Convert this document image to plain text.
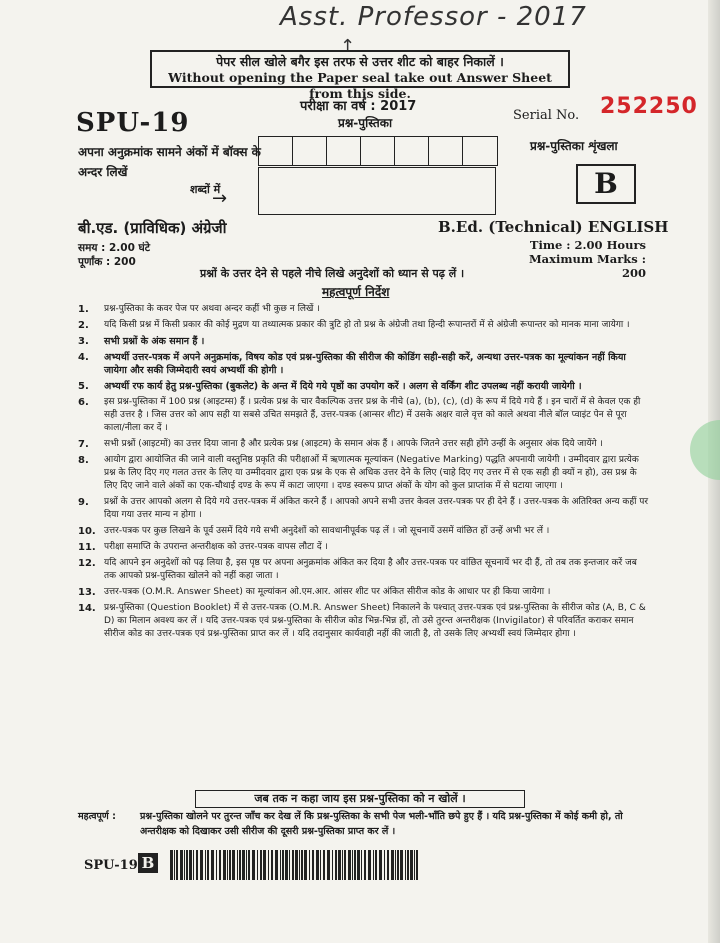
Asst. Professor - 2017
↑
पेपर सील खोले बगैर इस तरफ से उत्तर शीट को बाहर निकालें ।
Without opening the Paper seal take out Answer Sheet from this side.
SPU-19
परीक्षा का वर्ष : 2017
प्रश्न-पुस्तिका	Serial No. 252250
अपना अनुक्रमांक सामने अंकों में बॉक्स के अन्दर लिखें
शब्दों में
→
प्रश्न-पुस्तिका शृंखला
B
बी.एड. (प्राविधिक) अंग्रेजी	B.Ed. (Technical) ENGLISH
समय : 2.00 घंटे
पूर्णांक : 200
Time : 2.00 Hours
Maximum Marks : 200
प्रश्नों के उत्तर देने से पहले नीचे लिखे अनुदेशों को ध्यान से पढ़ लें ।
महत्वपूर्ण निर्देश
1.	प्रश्न-पुस्तिका के कवर पेज पर अथवा अन्दर कहीं भी कुछ न लिखें ।
2.	यदि किसी प्रश्न में किसी प्रकार की कोई मुद्रण या तथ्यात्मक प्रकार की त्रुटि हो तो प्रश्न के अंग्रेजी तथा हिन्दी रूपान्तरों में से अंग्रेजी रूपान्तर को मानक माना जायेगा ।
3.	सभी प्रश्नों के अंक समान हैं ।
4.	अभ्यर्थी उत्तर-पत्रक में अपने अनुक्रमांक, विषय कोड एवं प्रश्न-पुस्तिका की सीरीज की कोडिंग सही-सही करें, अन्यथा उत्तर-पत्रक का मूल्यांकन नहीं किया जायेगा और सकी जिम्मेदारी स्वयं अभ्यर्थी की होगी ।
5.	अभ्यर्थी रफ कार्य हेतु प्रश्न-पुस्तिका (बुकलेट) के अन्त में दिये गये पृष्ठों का उपयोग करें । अलग से वर्किंग शीट उपलब्ध नहीं करायी जायेगी ।
6.	इस प्रश्न-पुस्तिका में 100 प्रश्न (आइटम्स) हैं । प्रत्येक प्रश्न के चार वैकल्पिक उत्तर प्रश्न के नीचे (a), (b), (c), (d) के रूप में दिये गये हैं । इन चारों में से केवल एक ही सही उत्तर है । जिस उत्तर को आप सही या सबसे उचित समझते हैं, उत्तर-पत्रक (आन्सर शीट) में उसके अक्षर वाले वृत्त को काले अथवा नीले बॉल प्वाइंट पेन से पूरा काला/नीला कर दें ।
7.	सभी प्रश्नों (आइटमों) का उत्तर दिया जाना है और प्रत्येक प्रश्न (आइटम) के समान अंक हैं । आपके जितने उत्तर सही होंगे उन्हीं के अनुसार अंक दिये जायेंगे ।
8.	आयोग द्वारा आयोजित की जाने वाली वस्तुनिष्ठ प्रकृति की परीक्षाओं में ऋणात्मक मूल्यांकन (Negative Marking) पद्धति अपनायी जायेगी । उम्मीदवार द्वारा प्रत्येक प्रश्न के लिए दिए गए गलत उत्तर के लिए या उम्मीदवार द्वारा एक प्रश्न के एक से अधिक उत्तर देने के लिए (चाहे दिए गए उत्तर में से एक सही ही क्यों न हो), उस प्रश्न के लिए दिए जाने वाले अंकों का एक-चौथाई दण्ड के रूप में काटा जाएगा । दण्ड स्वरूप प्राप्त अंकों के योग को कुल प्राप्तांक में से घटाया जाएगा ।
9.	प्रश्नों के उत्तर आपको अलग से दिये गये उत्तर-पत्रक में अंकित करने हैं । आपको अपने सभी उत्तर केवल उत्तर-पत्रक पर ही देने हैं । उत्तर-पत्रक के अतिरिक्त अन्य कहीं पर दिया गया उत्तर मान्य न होगा ।
10. उत्तर-पत्रक पर कुछ लिखने के पूर्व उसमें दिये गये सभी अनुदेशों को सावधानीपूर्वक पढ़ लें । जो सूचनायें उसमें वांछित हों उन्हें अभी भर लें ।
11. परीक्षा समाप्ति के उपरान्त अन्तरीक्षक को उत्तर-पत्रक वापस लौटा दें ।
12. यदि आपने इन अनुदेशों को पढ़ लिया है, इस पृष्ठ पर अपना अनुक्रमांक अंकित कर दिया है और उत्तर-पत्रक पर वांछित सूचनायें भर दी हैं, तो तब तक इन्तजार करें जब तक आपको प्रश्न-पुस्तिका खोलने को नहीं कहा जाता ।
13. उत्तर-पत्रक (O.M.R. Answer Sheet) का मूल्यांकन ओ.एम.आर. आंसर शीट पर अंकित सीरीज कोड के आधार पर ही किया जायेगा ।
14. प्रश्न-पुस्तिका (Question Booklet) में से उत्तर-पत्रक (O.M.R. Answer Sheet) निकालने के पश्चात् उत्तर-पत्रक एवं प्रश्न-पुस्तिका के सीरीज कोड (A, B, C & D) का मिलान अवश्य कर लें । यदि उत्तर-पत्रक एवं प्रश्न-पुस्तिका के सीरीज कोड भिन्न-भिन्न हों, तो उसे तुरन्त अन्तरीक्षक (Invigilator) से परिवर्तित कराकर समान सीरीज कोड का उत्तर-पत्रक एवं प्रश्न-पुस्तिका प्राप्त कर लें । यदि तदानुसार कार्यवाही नहीं की जाती है, तो उसके लिए अभ्यर्थी स्वयं जिम्मेदार होगा ।
जब तक न कहा जाय इस प्रश्न-पुस्तिका को न खोलें ।
महत्वपूर्ण :	प्रश्न-पुस्तिका खोलने पर तुरन्त जाँच कर देख लें कि प्रश्न-पुस्तिका के सभी पेज भली-भाँति छपे हुए हैं । यदि प्रश्न-पुस्तिका में कोई कमी हो, तो अन्तरीक्षक को दिखाकर उसी सीरीज की दूसरी प्रश्न-पुस्तिका प्राप्त कर लें ।
SPU-19 B
